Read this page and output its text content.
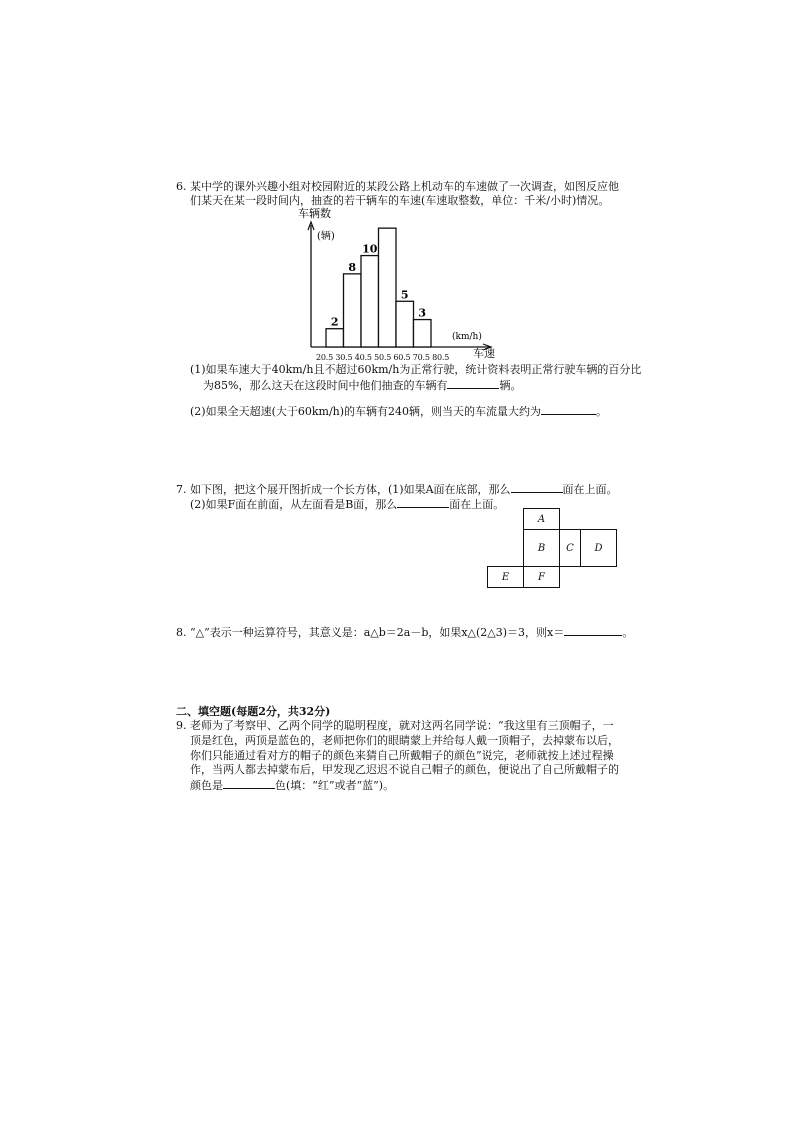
6. 某中学的课外兴趣小组对校园附近的某段公路上机动车的车速做了一次调查，如图反应他
们某天在某一段时间内，抽查的若干辆车的车速(车速取整数，单位：千米/小时)情况。
车辆数
(辆)
2
8
10
5
3
(km/h)
车速
20.5 30.5 40.5 50.5 60.5 70.5 80.5
(1)如果车速大于40km/h且不超过60km/h为正常行驶，统计资料表明正常行驶车辆的百分比
为85%，那么这天在这段时间中他们抽查的车辆有	辆。
(2)如果全天超速(大于60km/h)的车辆有240辆，则当天的车流量大约为	。
7. 如下图，把这个展开图折成一个长方体，(1)如果A面在底部，那么	面在上面。
(2)如果F面在前面，从左面看是B面，那么	面在上面。
A
B	C	D
E	F
8. “△”表示一种运算符号，其意义是：a△b＝2a－b，如果x△(2△3)＝3，则x＝	。
二、填空题(每题2分，共32分)
9. 老师为了考察甲、乙两个同学的聪明程度，就对这两名同学说：“我这里有三顶帽子，一
顶是红色，两顶是蓝色的，老师把你们的眼睛蒙上并给每人戴一顶帽子，去掉蒙布以后，
你们只能通过看对方的帽子的颜色来猜自己所戴帽子的颜色”说完，老师就按上述过程操
作，当两人都去掉蒙布后，甲发现乙迟迟不说自己帽子的颜色，便说出了自己所戴帽子的
颜色是	色(填：“红”或者“蓝”)。
